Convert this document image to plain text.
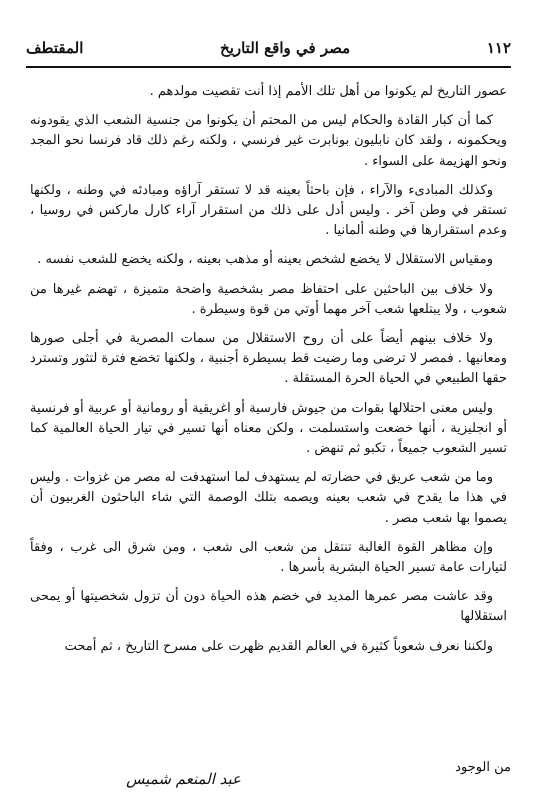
١١٢
مصر في واقع التاريخ
المقتطف

عصور التاريخ لم يكونوا من أهل تلك الأمم إذا أنت تقصيت مولدهم .

كما أن كبار القادة والحكام ليس من المحتم أن يكونوا من جنسية الشعب الذي يقودونه ويحكمونه ، ولقد كان نابليون بونابرت غير فرنسي ، ولكنه رغم ذلك قاد فرنسا نحو المجد ونحو الهزيمة على السواء .

وكذلك المبادىء والآراء ، فإن باحثاً بعينه قد لا تستقر آراؤه ومبادئه في وطنه ، ولكنها تستقر في وطن آخر . وليس أدل على ذلك من استقرار آراء كارل ماركس في روسيا ، وعدم استقرارها في وطنه ألمانيا .

ومقياس الاستقلال لا يخضع لشخص بعينه أو مذهب بعينه ، ولكنه يخضع للشعب نفسه .

ولا خلاف بين الباحثين على احتفاظ مصر بشخصية واضحة متميزة ، تهضم غيرها من شعوب ، ولا يبتلعها شعب آخر مهما أوتي من قوة وسيطرة .

ولا خلاف بينهم أيضاً على أن روح الاستقلال من سمات المصرية في أجلى صورها ومعانيها . فمصر لا ترضى وما رضيت قط بسيطرة أجنبية ، ولكنها تخضع فترة لتثور وتسترد حقها الطبيعي في الحياة الحرة المستقلة .

وليس معنى احتلالها بقوات من جيوش فارسية أو اغريقية أو رومانية أو عربية أو فرنسية أو انجليزية ، أنها خضعت واستسلمت ، ولكن معناه أنها تسير في تيار الحياة العالمية كما تسير الشعوب جميعاً ، تكبو ثم تنهض .

وما من شعب عريق في حضارته لم يستهدف لما استهدفت له مصر من غزوات . وليس في هذا ما يقدح في شعب بعينه ويصمه بتلك الوصمة التي شاء الباحثون الغربيون أن يصموا بها شعب مصر .

وإن مظاهر القوة الغالبة تنتقل من شعب الى شعب ، ومن شرق الى غرب ، وفقاً لتيارات عامة تسير الحياة البشرية بأسرها .

وقد عاشت مصر عمرها المديد في خضم هذه الحياة دون أن تزول شخصيتها أو يمحى استقلالها

ولكننا نعرف شعوباً كثيرة في العالم القديم ظهرت على مسرح التاريخ ، ثم أمحت

من الوجود
عبد المنعم شميس
